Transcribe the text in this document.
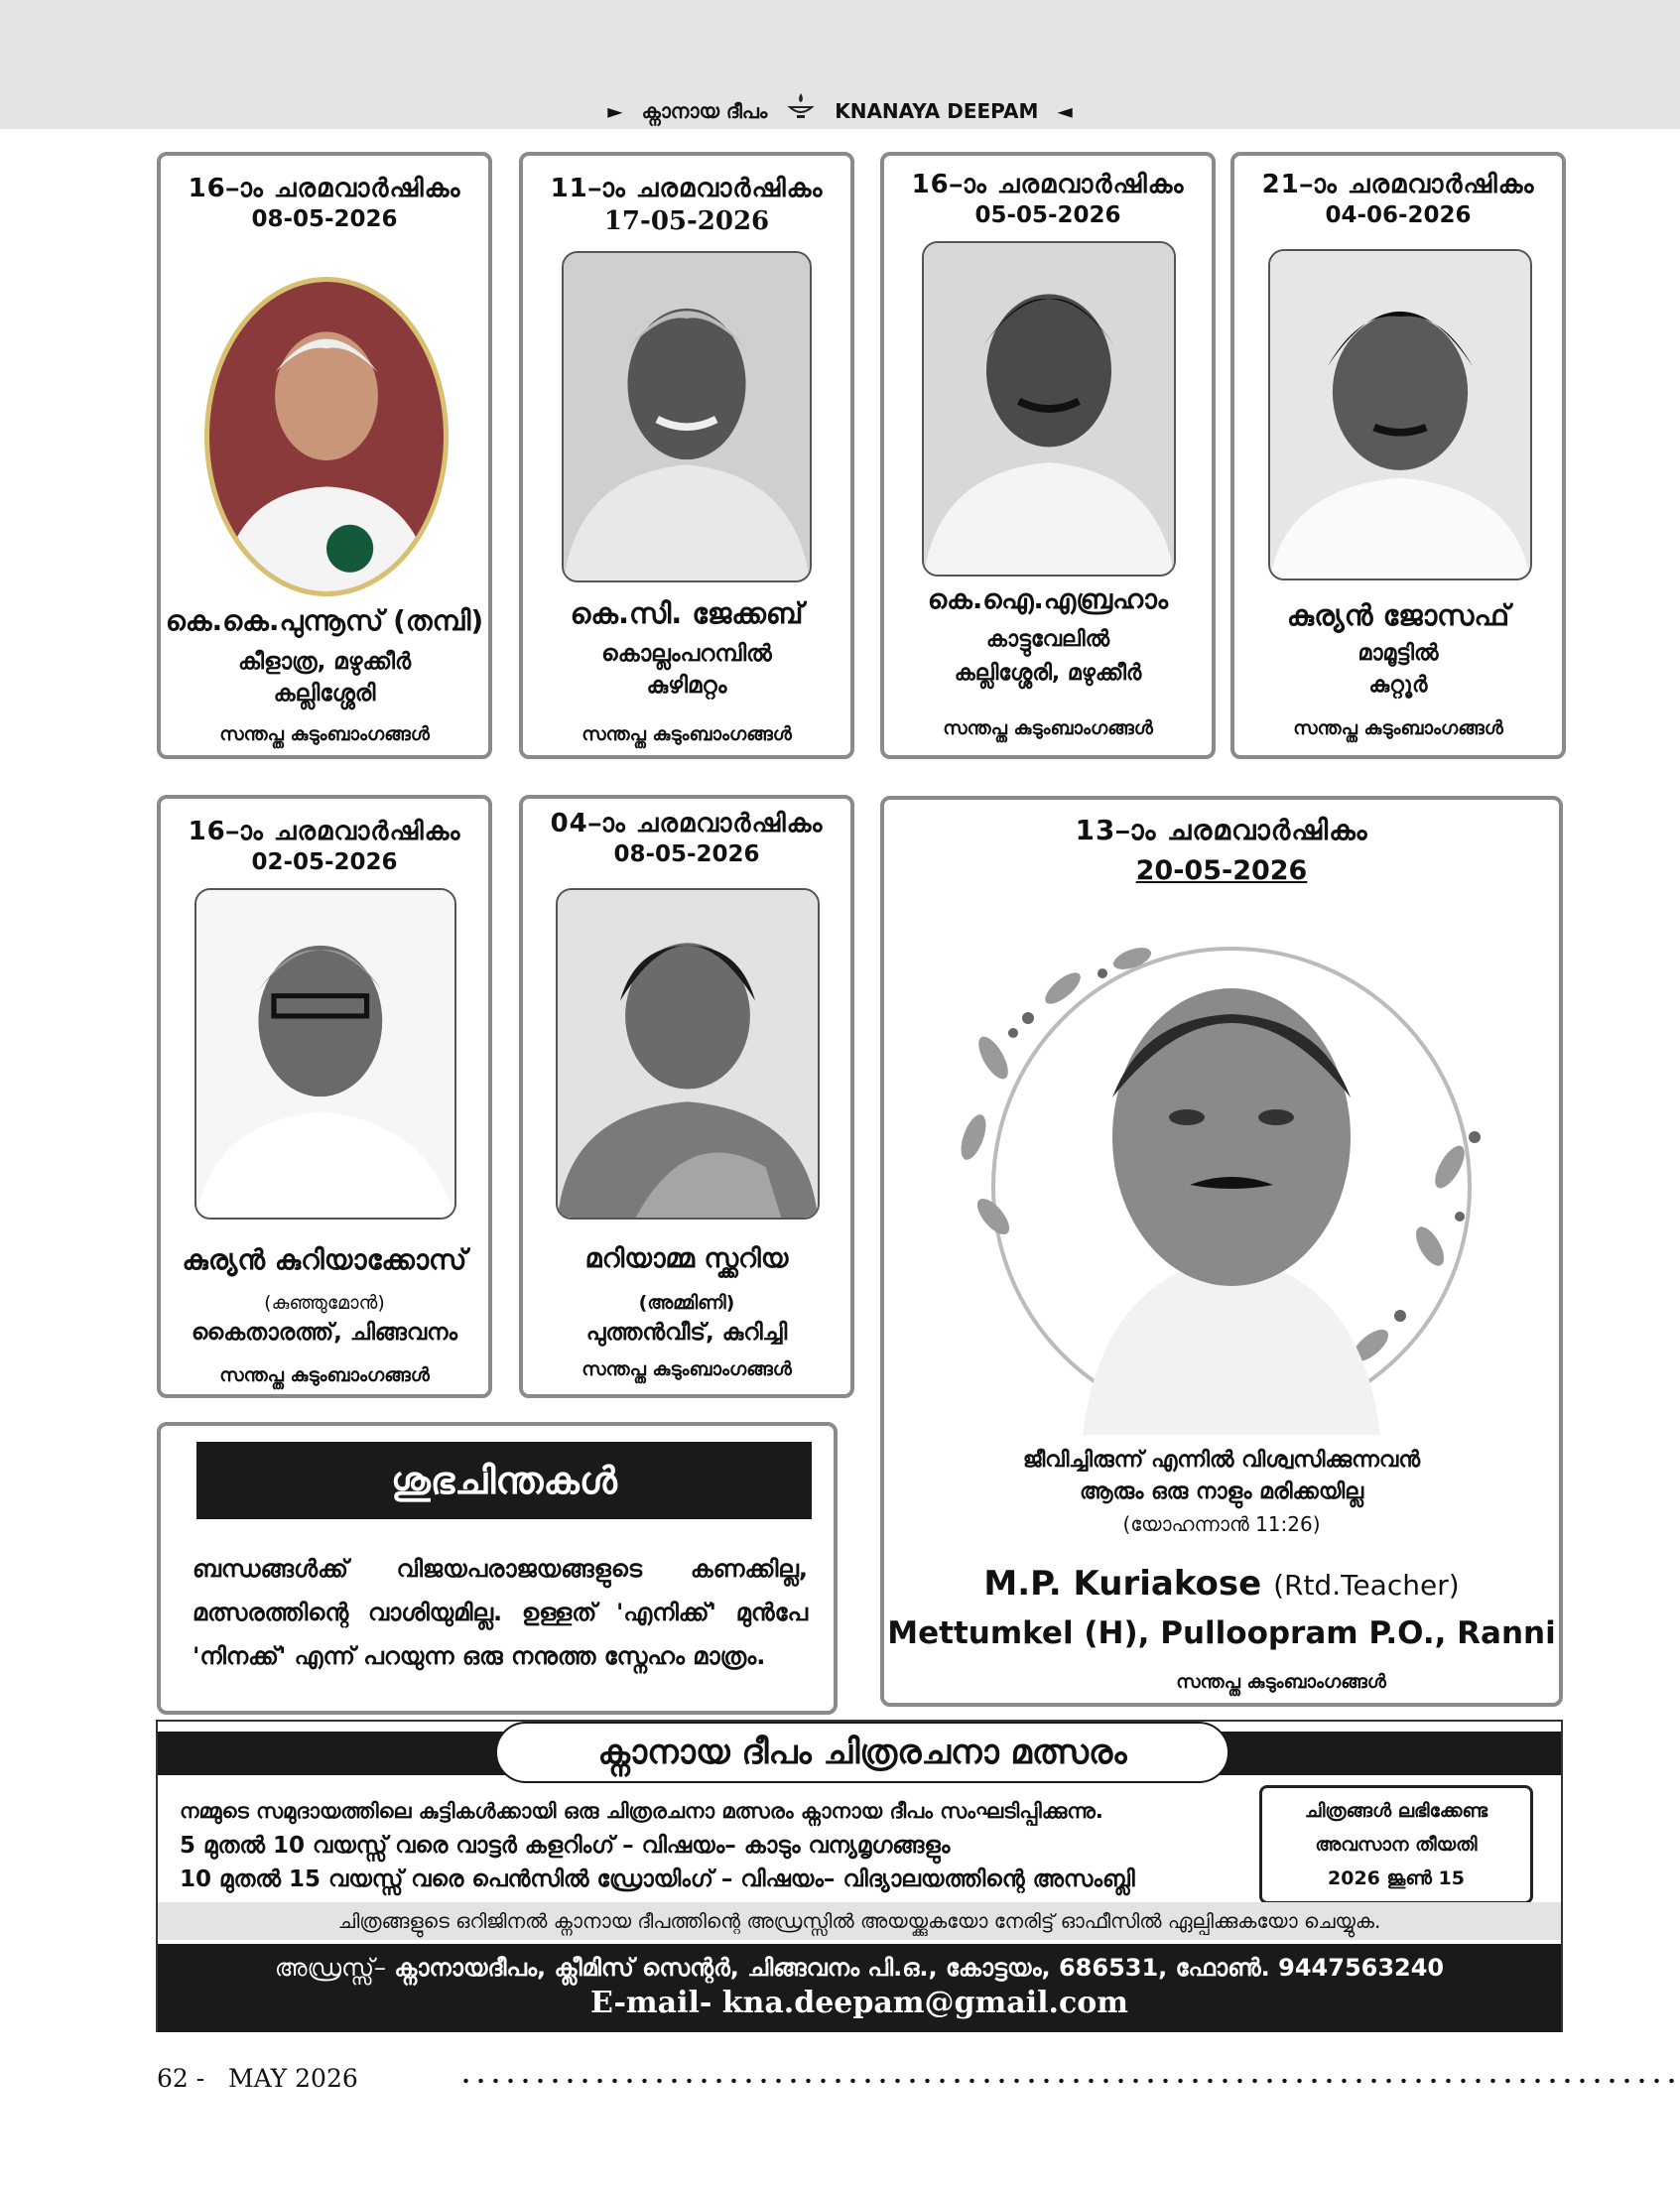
► ക്നാനായ ദീപം	KNANAYA DEEPAM ◄
16–ാം ചരമവാർഷികം
08-05-2026
കെ.കെ.പുന്നൂസ് (തമ്പി)
കീളാത്ര, മഴുക്കീർ
കല്ലിശ്ശേരി
സന്തപ്ത കുടുംബാംഗങ്ങൾ
11–ാം ചരമവാർഷികം
17-05-2026
കെ.സി. ജേക്കബ്
കൊല്ലംപറമ്പിൽ
കുഴിമറ്റം
സന്തപ്ത കുടുംബാംഗങ്ങൾ
16–ാം ചരമവാർഷികം
05-05-2026
കെ.ഐ.എബ്രഹാം
കാട്ടുവേലിൽ
കല്ലിശ്ശേരി, മഴുക്കീർ
സന്തപ്ത കുടുംബാംഗങ്ങൾ
21–ാം ചരമവാർഷികം
04-06-2026
കുര്യൻ ജോസഫ്
മാമൂട്ടിൽ
കുറ്റൂർ
സന്തപ്ത കുടുംബാംഗങ്ങൾ
16–ാം ചരമവാർഷികം
02-05-2026
കുര്യൻ കുറിയാക്കോസ്
(കുഞ്ഞുമോൻ)
കൈതാരത്ത്, ചിങ്ങവനം
സന്തപ്ത കുടുംബാംഗങ്ങൾ
04–ാം ചരമവാർഷികം
08-05-2026
മറിയാമ്മ സ്ക്കറിയ
(അമ്മിണി)
പുത്തൻവീട്, കുറിച്ചി
സന്തപ്ത കുടുംബാംഗങ്ങൾ
13–ാം ചരമവാർഷികം
20-05-2026
ജീവിച്ചിരുന്ന് എന്നിൽ വിശ്വസിക്കുന്നവൻ
ആരും ഒരു നാളും മരിക്കയില്ല
(യോഹന്നാൻ 11:26)
M.P. Kuriakose (Rtd.Teacher)
Mettumkel (H), Pulloopram P.O., Ranni
സന്തപ്ത കുടുംബാംഗങ്ങൾ
ശുഭചിന്തകൾ
ബന്ധങ്ങൾക്ക് വിജയപരാജയങ്ങളുടെ കണക്കില്ല, മത്സരത്തിന്റെ വാശിയുമില്ല. ഉള്ളത് 'എനിക്ക്' മുൻപേ 'നിനക്ക്' എന്ന് പറയുന്ന ഒരു നനുത്ത സ്നേഹം മാത്രം.
ക്നാനായ ദീപം ചിത്രരചനാ മത്സരം
നമ്മുടെ സമുദായത്തിലെ കുട്ടികൾക്കായി ഒരു ചിത്രരചനാ മത്സരം ക്നാനായ ദീപം സംഘടിപ്പിക്കുന്നു.
5 മുതൽ 10 വയസ്സ് വരെ വാട്ടർ കളറിംഗ് – വിഷയം– കാടും വന്യമൃഗങ്ങളും
10 മുതൽ 15 വയസ്സ് വരെ പെൻസിൽ ഡ്രോയിംഗ് – വിഷയം– വിദ്യാലയത്തിന്റെ അസംബ്ലി
ചിത്രങ്ങൾ ലഭിക്കേണ്ട
അവസാന തീയതി
2026 ജൂൺ 15
ചിത്രങ്ങളുടെ ഒറിജിനൽ ക്നാനായ ദീപത്തിന്റെ അഡ്രസ്സിൽ അയയ്ക്കുകയോ നേരിട്ട് ഓഫീസിൽ ഏല്പിക്കുകയോ ചെയ്യുക.
അഡ്രസ്സ്– ക്നാനായദീപം, ക്ലീമിസ് സെന്റർ, ചിങ്ങവനം പി.ഒ., കോട്ടയം, 686531, ഫോൺ. 9447563240
E-mail- kna.deepam@gmail.com
62 -   MAY 2026
